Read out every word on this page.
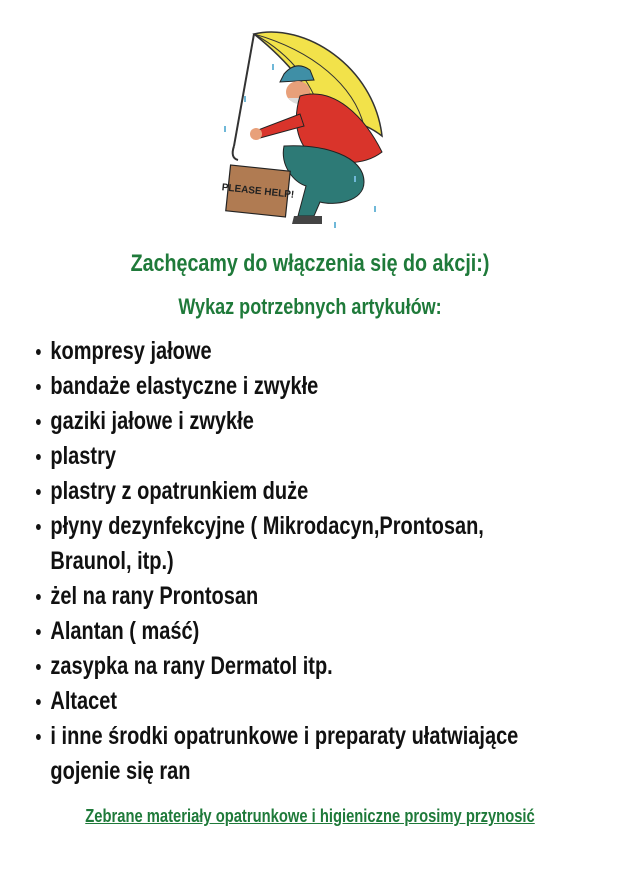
PLEASE HELP!
Zachęcamy do włączenia się do akcji:)
Wykaz potrzebnych artykułów:
kompresy jałowe
bandaże elastyczne i zwykłe
gaziki jałowe i zwykłe
plastry
plastry z opatrunkiem duże
płyny dezynfekcyjne ( Mikrodacyn,Prontosan,
Braunol, itp.)
żel na rany Prontosan
Alantan ( maść)
zasypka na rany Dermatol itp.
Altacet
i inne środki opatrunkowe i preparaty ułatwiające
gojenie się ran
Zebrane materiały opatrunkowe i higieniczne prosimy przynosić
